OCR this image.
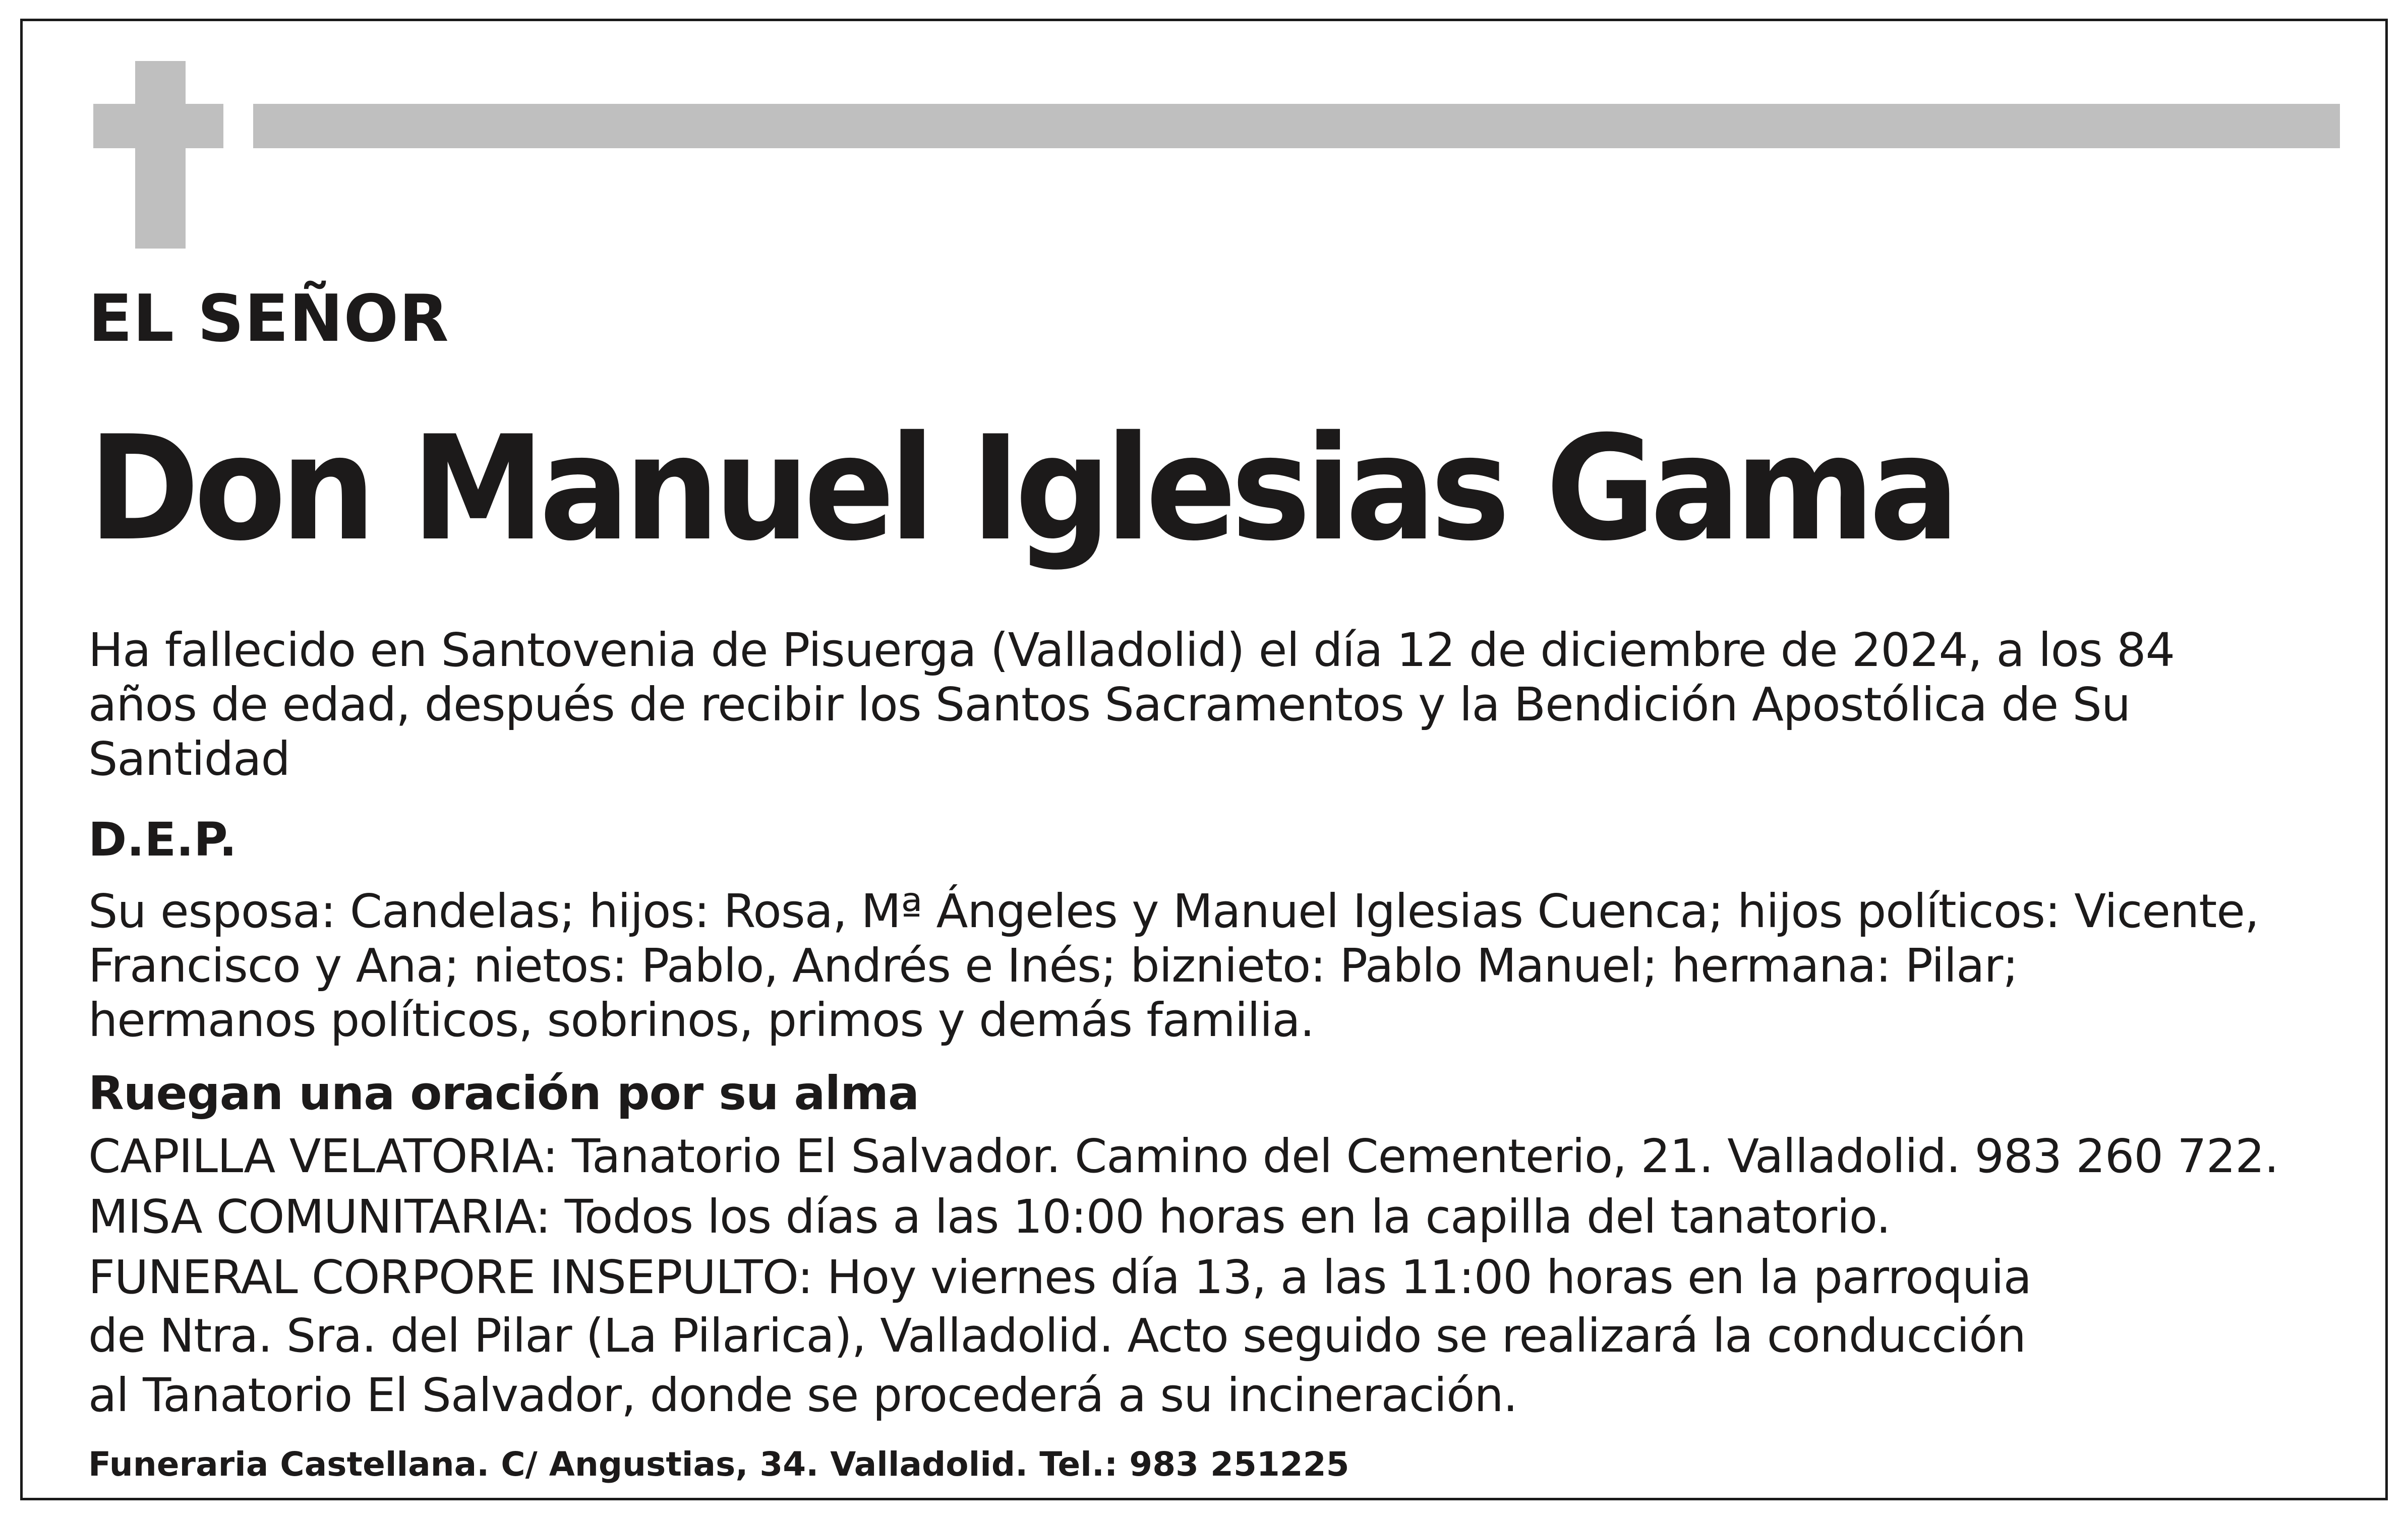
EL SEÑOR

Don Manuel Iglesias Gama

Ha fallecido en Santovenia de Pisuerga (Valladolid) el día 12 de diciembre de 2024, a los 84

años de edad, después de recibir los Santos Sacramentos y la Bendición Apostólica de Su

Santidad

D.E.P.

Su esposa: Candelas; hijos: Rosa, Mª Ángeles y Manuel Iglesias Cuenca; hijos políticos: Vicente,

Francisco y Ana; nietos: Pablo, Andrés e Inés; biznieto: Pablo Manuel; hermana: Pilar;

hermanos políticos, sobrinos, primos y demás familia.

Ruegan una oración por su alma

CAPILLA VELATORIA: Tanatorio El Salvador. Camino del Cementerio, 21. Valladolid. 983 260 722.

MISA COMUNITARIA: Todos los días a las 10:00 horas en la capilla del tanatorio.

FUNERAL CORPORE INSEPULTO: Hoy viernes día 13, a las 11:00 horas en la parroquia

de Ntra. Sra. del Pilar (La Pilarica), Valladolid. Acto seguido se realizará la conducción

al Tanatorio El Salvador, donde se procederá a su incineración.

Funeraria Castellana. C/ Angustias, 34. Valladolid. Tel.: 983 251225
